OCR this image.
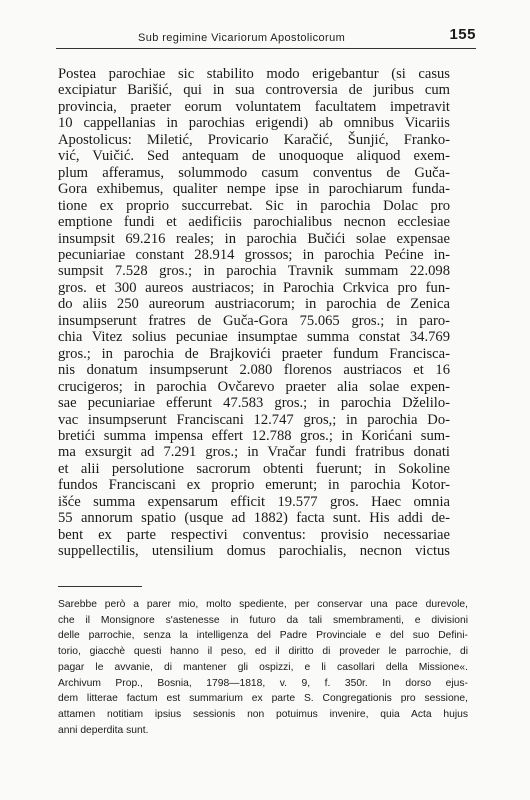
Sub regimine Vicariorum Apostolicorum	155
Postea parochiae sic stabilito modo erigebantur (si casus
excipiatur Barišić, qui in sua controversia de juribus cum
provincia, praeter eorum voluntatem facultatem impetravit
10 cappellanias in parochias erigendi) ab omnibus Vicariis
Apostolicus: Miletić, Provicario Karačić, Šunjić, Franko-
vić, Vuičić. Sed antequam de unoquoque aliquod exem-
plum afferamus, solummodo casum conventus de Guča-
Gora exhibemus, qualiter nempe ipse in parochiarum funda-
tione ex proprio succurrebat. Sic in parochia Dolac pro
emptione fundi et aedificiis parochialibus necnon ecclesiae
insumpsit 69.216 reales; in parochia Bučići solae expensae
pecuniariae constant 28.914 grossos; in parochia Pećine in-
sumpsit 7.528 gros.; in parochia Travnik summam 22.098
gros. et 300 aureos austriacos; in Parochia Crkvica pro fun-
do aliis 250 aureorum austriacorum; in parochia de Zenica
insumpserunt fratres de Guča-Gora 75.065 gros.; in paro-
chia Vitez solius pecuniae insumptae summa constat 34.769
gros.; in parochia de Brajkovići praeter fundum Franciscа-
nis donatum insumpserunt 2.080 florenos austriacos et 16
crucigeros; in parochia Ovčarevo praeter alia solae expen-
sae pecuniariae efferunt 47.583 gros.; in parochia Dželilo-
vac insumpserunt Franciscani 12.747 gros,; in parochia Do-
bretići summa impensa effert 12.788 gros.; in Korićani sum-
ma exsurgit ad 7.291 gros.; in Vračar fundi fratribus donati
et alii persolutione sacrorum obtenti fuerunt; in Sokoline
fundos Franciscani ex proprio emerunt; in parochia Kotor-
išće summa expensarum efficit 19.577 gros. Haec omnia
55 annorum spatio (usque ad 1882) facta sunt. His addi de-
bent ex parte respectivi conventus: provisio necessariae
suppellectilis, utensilium domus parochialis, necnon victus
Sarebbe però a parer mio, molto spediente, per conservar una pace durevole,
che il Monsignore s'astenesse in futuro da tali smembramenti, e divisioni
delle parrochie, senza la intelligenza del Padre Provinciale e del suo Defini-
torio, giacchè questi hanno il peso, ed il diritto di proveder le parrochie, di
pagar le avvanie, di mantener gli ospizzi, e li casollari della Missione«.
Archivum Prop., Bosnia, 1798—1818, v. 9, f. 350r. In dorso ejus-
dem litterae factum est summarium ex parte S. Congregationis pro sessione,
attamen notitiam ipsius sessionis non potuimus invenire, quia Acta hujus
anni deperdita sunt.
